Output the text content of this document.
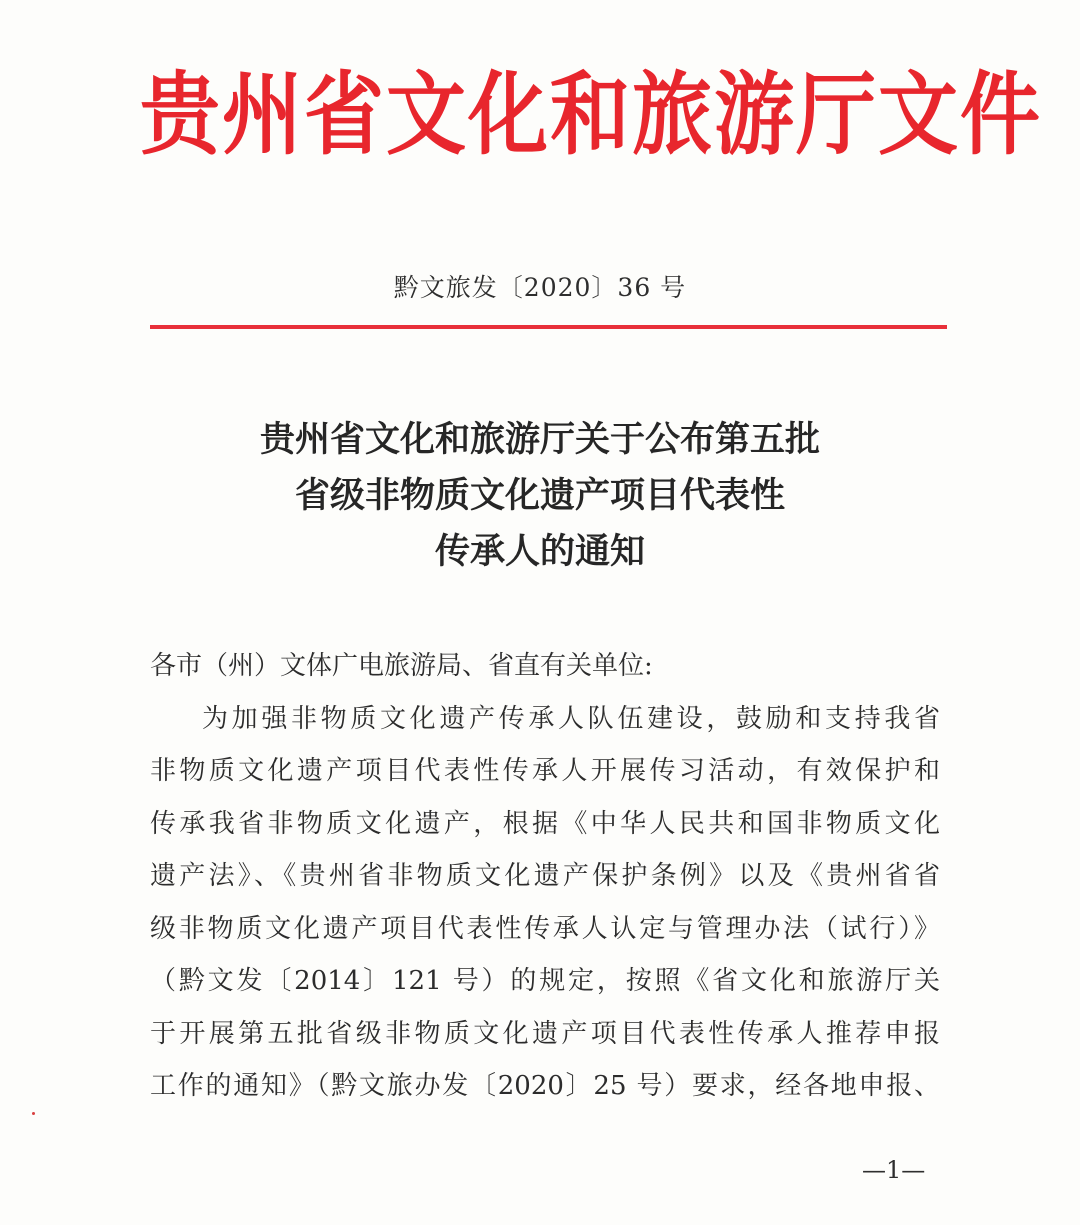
贵州省文化和旅游厅文件
黔文旅发〔2020〕36 号
贵州省文化和旅游厅关于公布第五批
省级非物质文化遗产项目代表性
传承人的通知
各市（州）文体广电旅游局、省直有关单位:
为加强非物质文化遗产传承人队伍建设，鼓励和支持我省
非物质文化遗产项目代表性传承人开展传习活动，有效保护和
传承我省非物质文化遗产，根据《中华人民共和国非物质文化
遗产法》、《贵州省非物质文化遗产保护条例》以及《贵州省省
级非物质文化遗产项目代表性传承人认定与管理办法（试行）》
（黔文发〔2014〕121 号）的规定，按照《省文化和旅游厅关
于开展第五批省级非物质文化遗产项目代表性传承人推荐申报
工作的通知》（黔文旅办发〔2020〕25 号）要求，经各地申报、
—1—
